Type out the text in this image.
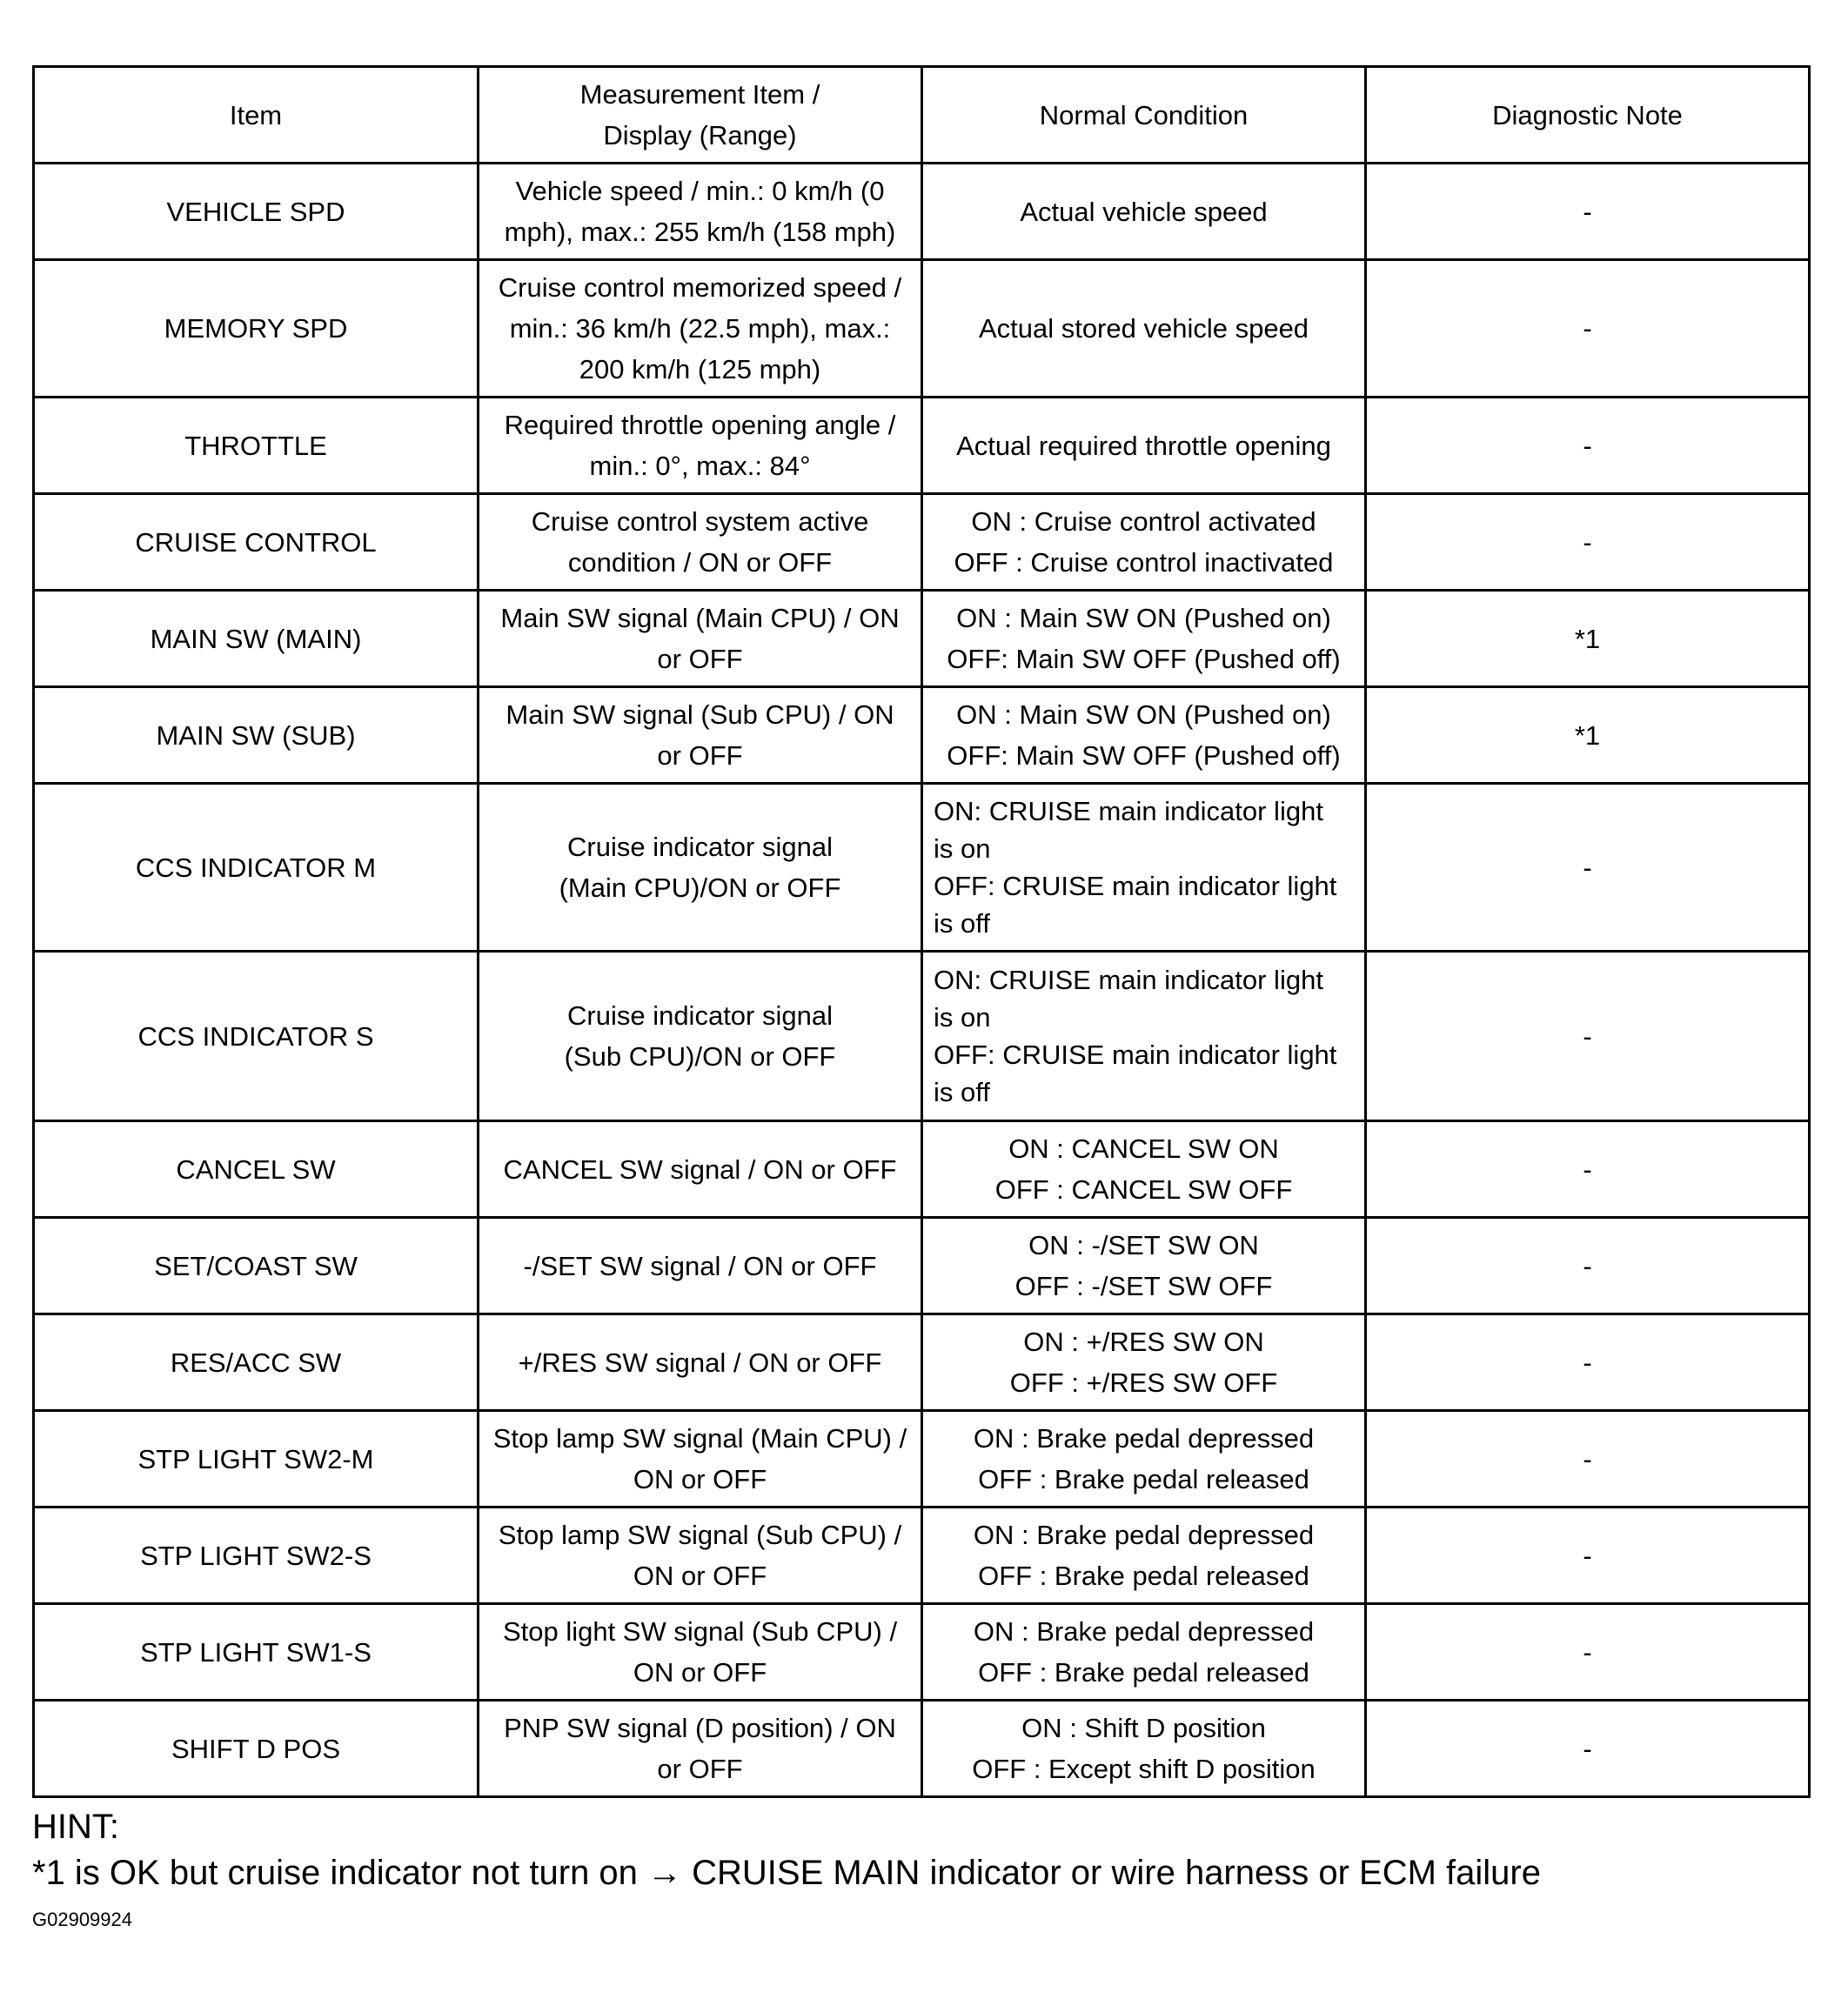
Item	Measurement Item /
Display (Range)	Normal Condition	Diagnostic Note
VEHICLE SPD	Vehicle speed / min.: 0 km/h (0
mph), max.: 255 km/h (158 mph)	Actual vehicle speed	-
MEMORY SPD	Cruise control memorized speed /
min.: 36 km/h (22.5 mph), max.:
200 km/h (125 mph)	Actual stored vehicle speed	-
THROTTLE	Required throttle opening angle /
min.: 0°, max.: 84°	Actual required throttle opening	-
CRUISE CONTROL	Cruise control system active
condition / ON or OFF	ON : Cruise control activated
OFF : Cruise control inactivated	-
MAIN SW (MAIN)	Main SW signal (Main CPU) / ON
or OFF	ON : Main SW ON (Pushed on)
OFF: Main SW OFF (Pushed off)	*1
MAIN SW (SUB)	Main SW signal (Sub CPU) / ON
or OFF	ON : Main SW ON (Pushed on)
OFF: Main SW OFF (Pushed off)	*1
CCS INDICATOR M	Cruise indicator signal
(Main CPU)/ON or OFF	ON: CRUISE main indicator light
is on
OFF: CRUISE main indicator light
is off	-
CCS INDICATOR S	Cruise indicator signal
(Sub CPU)/ON or OFF	ON: CRUISE main indicator light
is on
OFF: CRUISE main indicator light
is off	-
CANCEL SW	CANCEL SW signal / ON or OFF	ON : CANCEL SW ON
OFF : CANCEL SW OFF	-
SET/COAST SW	-/SET SW signal / ON or OFF	ON : -/SET SW ON
OFF : -/SET SW OFF	-
RES/ACC SW	+/RES SW signal / ON or OFF	ON : +/RES SW ON
OFF : +/RES SW OFF	-
STP LIGHT SW2-M	Stop lamp SW signal (Main CPU) /
ON or OFF	ON : Brake pedal depressed
OFF : Brake pedal released	-
STP LIGHT SW2-S	Stop lamp SW signal (Sub CPU) /
ON or OFF	ON : Brake pedal depressed
OFF : Brake pedal released	-
STP LIGHT SW1-S	Stop light SW signal (Sub CPU) /
ON or OFF	ON : Brake pedal depressed
OFF : Brake pedal released	-
SHIFT D POS	PNP SW signal (D position) / ON
or OFF	ON : Shift D position
OFF : Except shift D position	-

HINT:

*1 is OK but cruise indicator not turn on → CRUISE MAIN indicator or wire harness or ECM failure

G02909924
